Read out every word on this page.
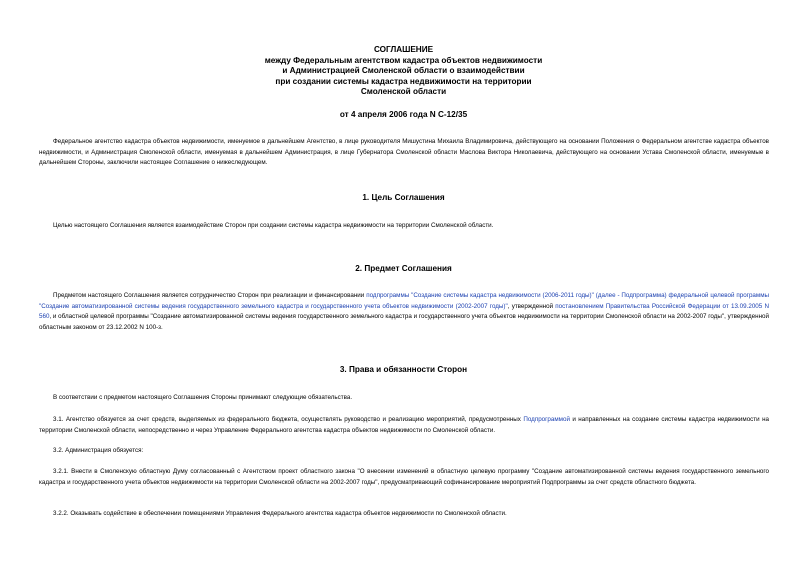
СОГЛАШЕНИЕ
между Федеральным агентством кадастра объектов недвижимости
и Администрацией Смоленской области о взаимодействии
при создании системы кадастра недвижимости на территории
Смоленской области
от 4 апреля 2006 года N С-12/35
Федеральное агентство кадастра объектов недвижимости, именуемое в дальнейшем Агентство, в лице руководителя Мишустина Михаила Владимировича, действующего на основании Положения о Федеральном агентстве кадастра объектов недвижимости, и Администрация Смоленской области, именуемая в дальнейшем Администрация, в лице Губернатора Смоленской области Маслова Виктора Николаевича, действующего на основании Устава Смоленской области, именуемые в дальнейшем Стороны, заключили настоящее Соглашение о нижеследующем.
1. Цель Соглашения
Целью настоящего Соглашения является взаимодействие Сторон при создании системы кадастра недвижимости на территории Смоленской области.
2. Предмет Соглашения
Предметом настоящего Соглашения является сотрудничество Сторон при реализации и финансировании подпрограммы "Создание системы кадастра недвижимости (2006-2011 годы)" (далее - Подпрограмма) федеральной целевой программы "Создание автоматизированной системы ведения государственного земельного кадастра и государственного учета объектов недвижимости (2002-2007 годы)", утвержденной постановлением Правительства Российской Федерации от 13.09.2005 N 560, и областной целевой программы "Создание автоматизированной системы ведения государственного земельного кадастра и государственного учета объектов недвижимости на территории Смоленской области на 2002-2007 годы", утвержденной областным законом от 23.12.2002 N 100-з.
3. Права и обязанности Сторон
В соответствии с предметом настоящего Соглашения Стороны принимают следующие обязательства.
3.1. Агентство обязуется за счет средств, выделяемых из федерального бюджета, осуществлять руководство и реализацию мероприятий, предусмотренных Подпрограммой и направленных на создание системы кадастра недвижимости на территории Смоленской области, непосредственно и через Управление Федерального агентства кадастра объектов недвижимости по Смоленской области.
3.2. Администрация обязуется:
3.2.1. Внести в Смоленскую областную Думу согласованный с Агентством проект областного закона "О внесении изменений в областную целевую программу "Создание автоматизированной системы ведения государственного земельного кадастра и государственного учета объектов недвижимости на территории Смоленской области на 2002-2007 годы", предусматривающий софинансирование мероприятий Подпрограммы за счет средств областного бюджета.
3.2.2. Оказывать содействие в обеспечении помещениями Управления Федерального агентства кадастра объектов недвижимости по Смоленской области.
